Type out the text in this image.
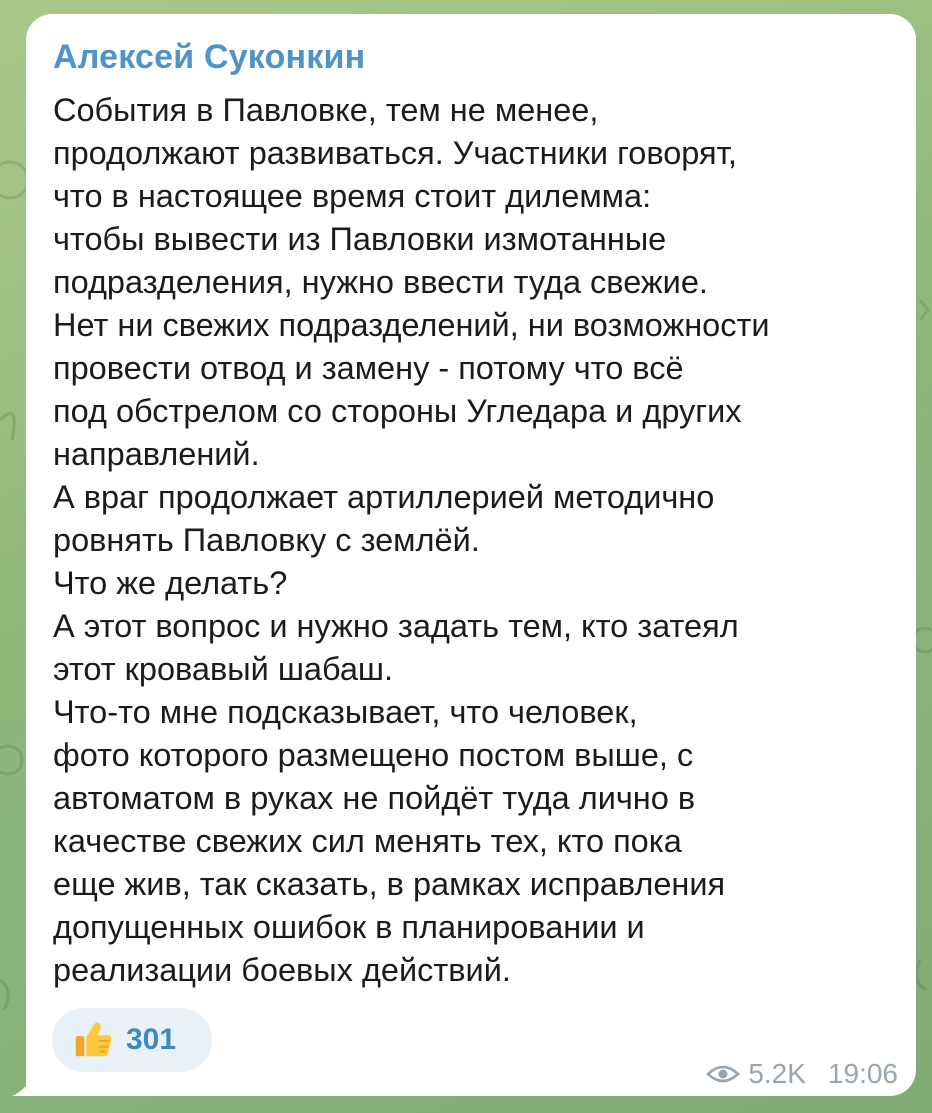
Алексей Суконкин
События в Павловке, тем не менее,
продолжают развиваться. Участники говорят,
что в настоящее время стоит дилемма:
чтобы вывести из Павловки измотанные
подразделения, нужно ввести туда свежие.
Нет ни свежих подразделений, ни возможности
провести отвод и замену - потому что всё
под обстрелом со стороны Угледара и других
направлений.
А враг продолжает артиллерией методично
ровнять Павловку с землёй.
Что же делать?
А этот вопрос и нужно задать тем, кто затеял
этот кровавый шабаш.
Что-то мне подсказывает, что человек,
фото которого размещено постом выше, с
автоматом в руках не пойдёт туда лично в
качестве свежих сил менять тех, кто пока
еще жив, так сказать, в рамках исправления
допущенных ошибок в планировании и
реализации боевых действий.
301
5.2K 19:06
